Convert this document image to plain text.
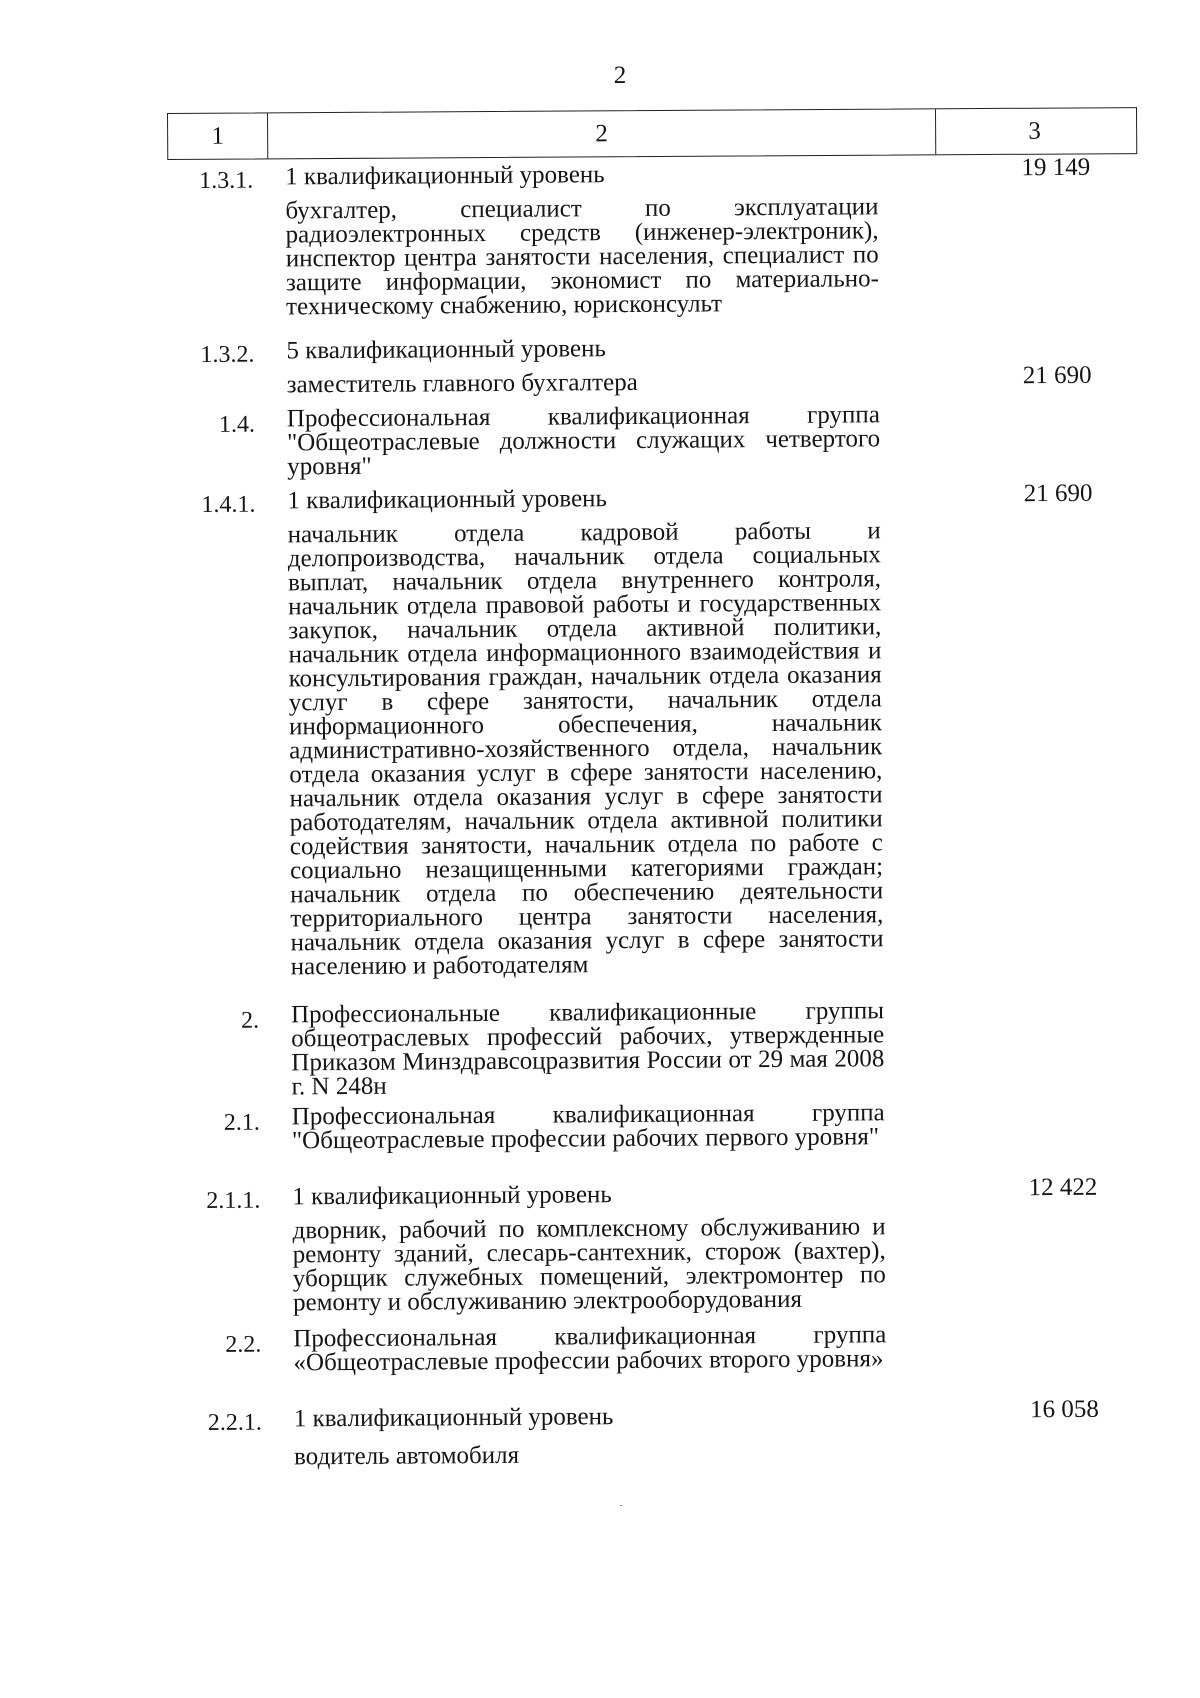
2
1	2	3
1.3.1. 1 квалификационный уровень	19 149
бухгалтер, специалист по эксплуатации радиоэлектронных средств (инженер-электроник), инспектор центра занятости населения, специалист по защите информации, экономист по материально-техническому снабжению, юрисконсульт
1.3.2. 5 квалификационный уровень
заместитель главного бухгалтера	21 690
1.4. Профессиональная квалификационная группа "Общеотраслевые должности служащих четвертого уровня"
1.4.1. 1 квалификационный уровень	21 690
начальник отдела кадровой работы и делопроизводства, начальник отдела социальных выплат, начальник отдела внутреннего контроля, начальник отдела правовой работы и государственных закупок, начальник отдела активной политики, начальник отдела информационного взаимодействия и консультирования граждан, начальник отдела оказания услуг в сфере занятости, начальник отдела информационного обеспечения, начальник административно-хозяйственного отдела, начальник отдела оказания услуг в сфере занятости населению, начальник отдела оказания услуг в сфере занятости работодателям, начальник отдела активной политики содействия занятости, начальник отдела по работе с социально незащищенными категориями граждан; начальник отдела по обеспечению деятельности территориального центра занятости населения, начальник отдела оказания услуг в сфере занятости населению и работодателям
2. Профессиональные квалификационные группы общеотраслевых профессий рабочих, утвержденные Приказом Минздравсоцразвития России от 29 мая 2008 г. N 248н
2.1. Профессиональная квалификационная группа "Общеотраслевые профессии рабочих первого уровня"
2.1.1. 1 квалификационный уровень	12 422
дворник, рабочий по комплексному обслуживанию и ремонту зданий, слесарь-сантехник, сторож (вахтер), уборщик служебных помещений, электромонтер по ремонту и обслуживанию электрооборудования
2.2. Профессиональная квалификационная группа «Общеотраслевые профессии рабочих второго уровня»
2.2.1. 1 квалификационный уровень	16 058
водитель автомобиля
